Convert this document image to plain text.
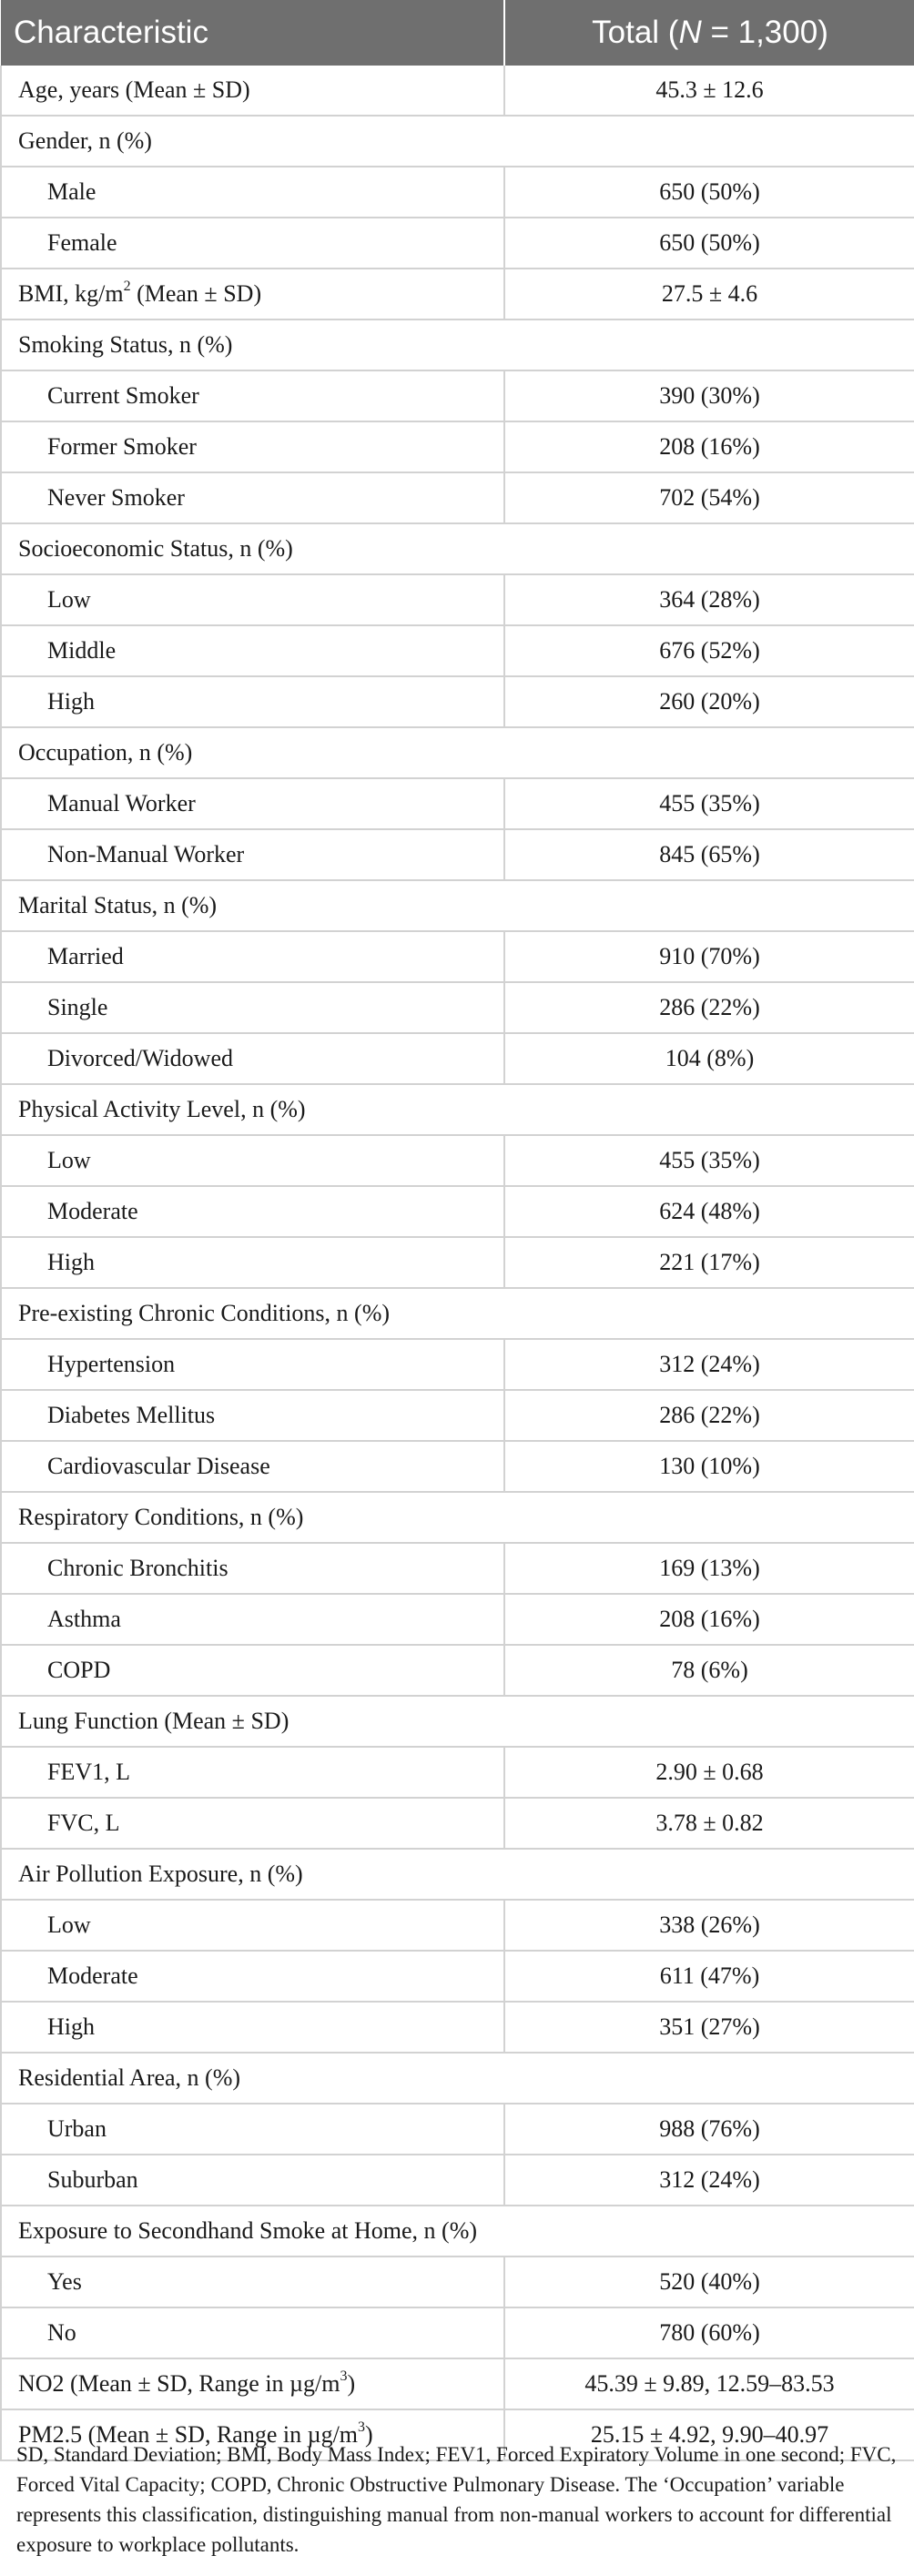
Characteristic	Total (N = 1,300)
Age, years (Mean ± SD)	45.3 ± 12.6
Gender, n (%)	
Male	650 (50%)
Female	650 (50%)
BMI, $kg/m^2$ (Mean ± SD)	27.5 ± 4.6
Smoking Status, n (%)	
Current Smoker	390 (30%)
Former Smoker	208 (16%)
Never Smoker	702 (54%)
Socioeconomic Status, n (%)	
Low	364 (28%)
Middle	676 (52%)
High	260 (20%)
Occupation, n (%)	
Manual Worker	455 (35%)
Non-Manual Worker	845 (65%)
Marital Status, n (%)	
Married	910 (70%)
Single	286 (22%)
Divorced/Widowed	104 (8%)
Physical Activity Level, n (%)	
Low	455 (35%)
Moderate	624 (48%)
High	221 (17%)
Pre-existing Chronic Conditions, n (%)	
Hypertension	312 (24%)
Diabetes Mellitus	286 (22%)
Cardiovascular Disease	130 (10%)
Respiratory Conditions, n (%)	
Chronic Bronchitis	169 (13%)
Asthma	208 (16%)
COPD	78 (6%)
Lung Function (Mean ± SD)	
FEV1, L	2.90 ± 0.68
FVC, L	3.78 ± 0.82
Air Pollution Exposure, n (%)	
Low	338 (26%)
Moderate	611 (47%)
High	351 (27%)
Residential Area, n (%)	
Urban	988 (76%)
Suburban	312 (24%)
Exposure to Secondhand Smoke at Home, n (%)	
Yes	520 (40%)
No	780 (60%)
NO2 (Mean ± SD, Range in $\mu g/m^3$)	45.39 ± 9.89, 12.59–83.53
PM2.5 (Mean ± SD, Range in $\mu g/m^3$)	25.15 ± 4.92, 9.90–40.97
SD, Standard Deviation; BMI, Body Mass Index; FEV1, Forced Expiratory Volume in one second; FVC, Forced Vital Capacity; COPD, Chronic Obstructive Pulmonary Disease. The ‘Occupation’ variable represents this classification, distinguishing manual from non-manual workers to account for differential exposure to workplace pollutants.
